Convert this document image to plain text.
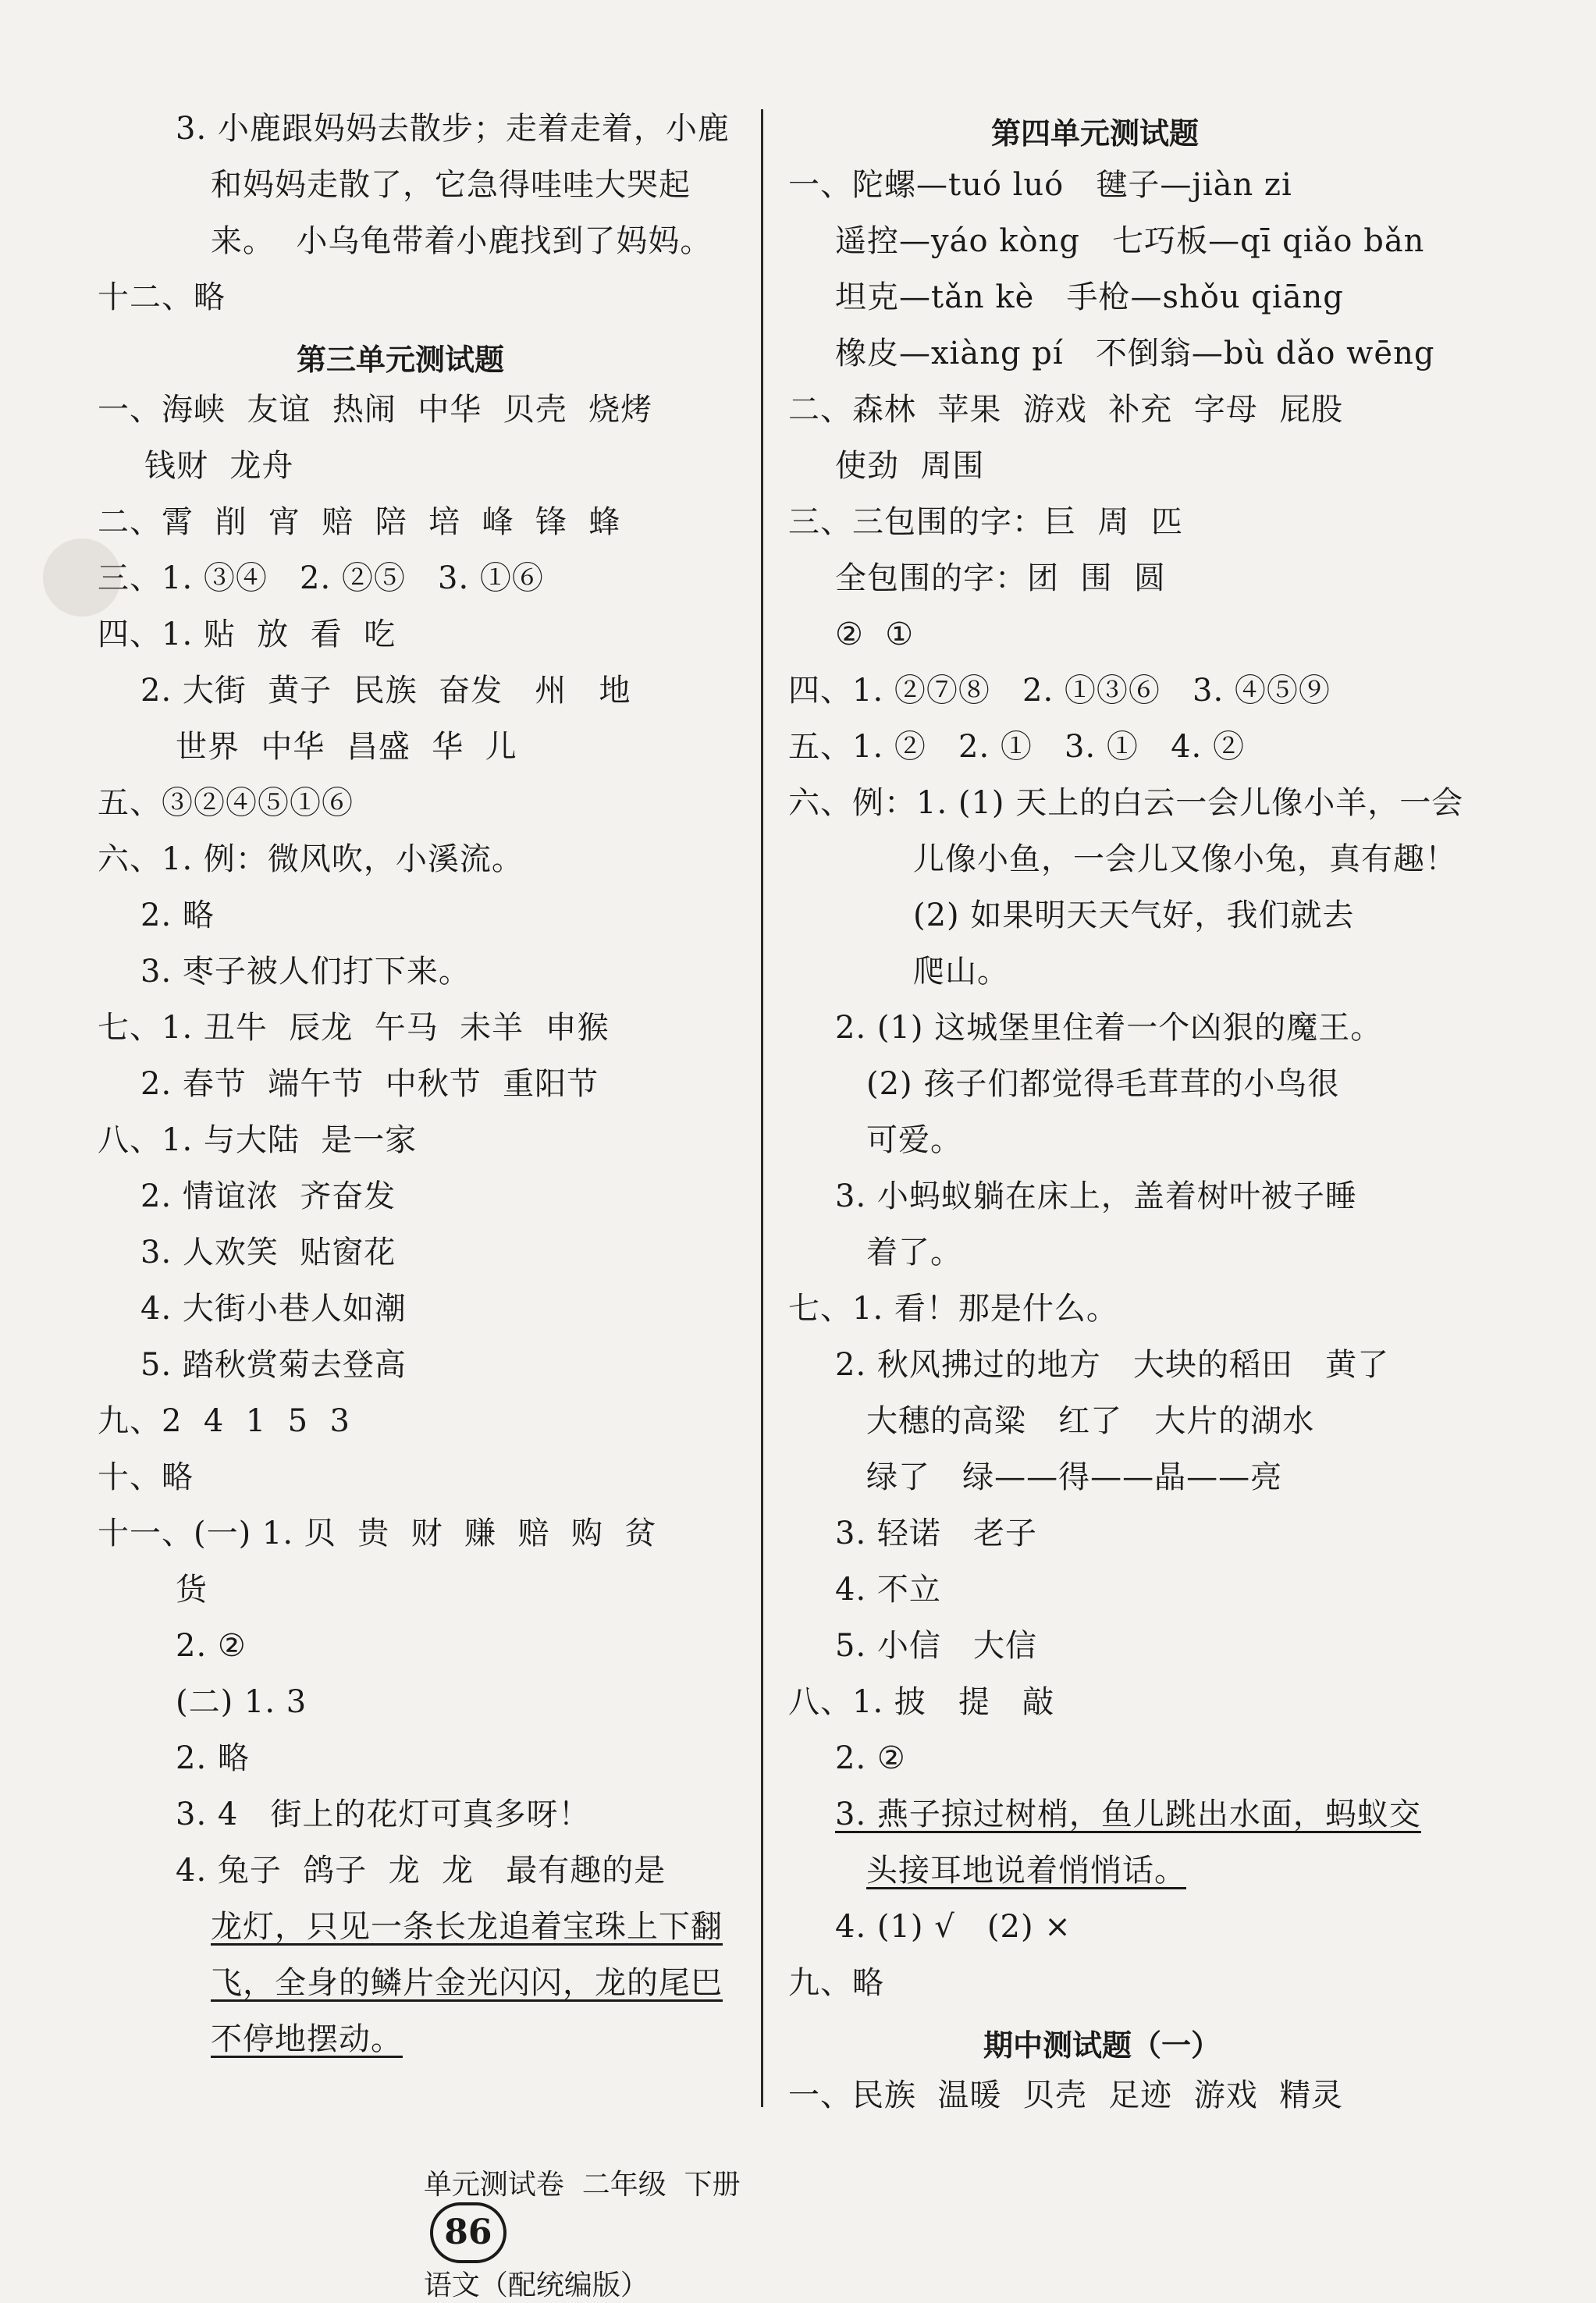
3. 小鹿跟妈妈去散步；走着走着，小鹿
和妈妈走散了，它急得哇哇大哭起
来。  小乌龟带着小鹿找到了妈妈。
十二、略
第三单元测试题
一、海峡  友谊  热闹  中华  贝壳  烧烤
钱财  龙舟
二、霄  削  宵  赔  陪  培  峰  锋  蜂
三、1. ③④   2. ②⑤   3. ①⑥
四、1. 贴  放  看  吃
2. 大街  黄子  民族  奋发   州   地
世界  中华  昌盛  华  儿
五、③②④⑤①⑥
六、1. 例：微风吹，小溪流。
2. 略
3. 枣子被人们打下来。
七、1. 丑牛  辰龙  午马  未羊  申猴
2. 春节  端午节  中秋节  重阳节
八、1. 与大陆  是一家
2. 情谊浓  齐奋发
3. 人欢笑  贴窗花
4. 大街小巷人如潮
5. 踏秋赏菊去登高
九、2  4  1  5  3
十、略
十一、(一) 1. 贝  贵  财  赚  赔  购  贫
货
2. ②
(二) 1. 3
2. 略
3. 4   街上的花灯可真多呀！
4. 兔子  鸽子  龙  龙   最有趣的是
龙灯，只见一条长龙追着宝珠上下翻
飞，全身的鳞片金光闪闪，龙的尾巴
不停地摆动。
第四单元测试题
一、陀螺—tuó luó   毽子—jiàn zi
遥控—yáo kòng   七巧板—qī qiǎo bǎn
坦克—tǎn kè   手枪—shǒu qiāng
橡皮—xiàng pí   不倒翁—bù dǎo wēng
二、森林  苹果  游戏  补充  字母  屁股
使劲  周围
三、三包围的字：巨  周  匹
全包围的字：团  围  圆
②  ①
四、1. ②⑦⑧   2. ①③⑥   3. ④⑤⑨
五、1. ②   2. ①   3. ①   4. ②
六、例：1. (1) 天上的白云一会儿像小羊，一会
儿像小鱼，一会儿又像小兔，真有趣！
(2) 如果明天天气好，我们就去
爬山。
2. (1) 这城堡里住着一个凶狠的魔王。
(2) 孩子们都觉得毛茸茸的小鸟很
可爱。
3. 小蚂蚁躺在床上，盖着树叶被子睡
着了。
七、1. 看！那是什么。
2. 秋风拂过的地方   大块的稻田   黄了
大穗的高粱   红了   大片的湖水
绿了   绿——得——晶——亮
3. 轻诺   老子
4. 不立
5. 小信   大信
八、1. 披   提   敲
2. ②
3. 燕子掠过树梢，鱼儿跳出水面，蚂蚁交
头接耳地说着悄悄话。
4. (1) √   (2) ×
九、略
期中测试题（一）
一、民族  温暖  贝壳  足迹  游戏  精灵

单元测试卷  二年级  下册
86
语文（配统编版）
